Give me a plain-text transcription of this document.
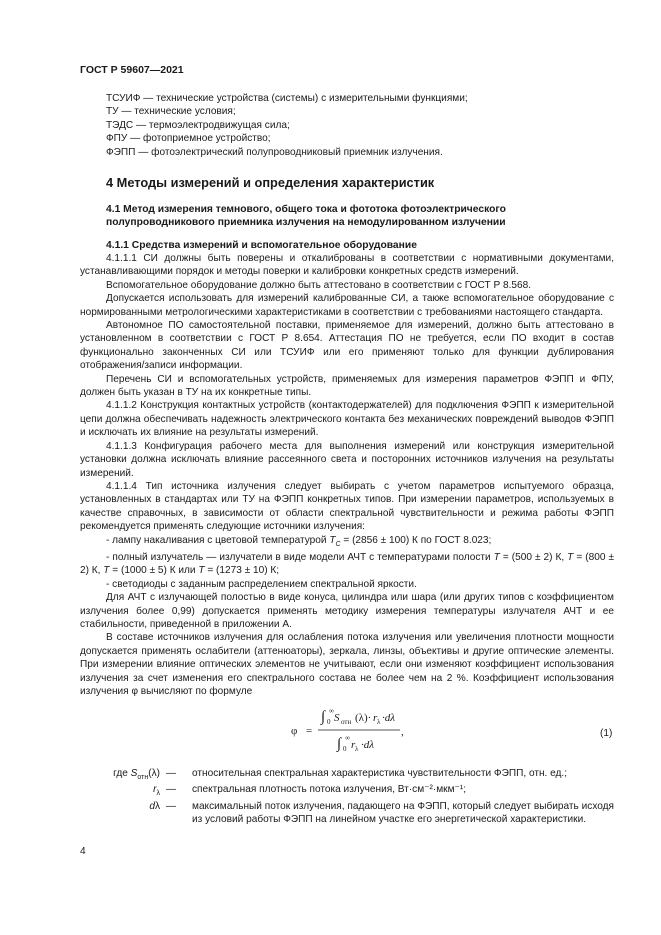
ГОСТ Р 59607—2021
ТСУИФ — технические устройства (системы) с измерительными функциями;
ТУ — технические условия;
ТЭДС — термоэлектродвижущая сила;
ФПУ — фотоприемное устройство;
ФЭПП — фотоэлектрический полупроводниковый приемник излучения.
4 Методы измерений и определения характеристик
4.1 Метод измерения темнового, общего тока и фототока фотоэлектрического полупроводникового приемника излучения на немодулированном излучении
4.1.1 Средства измерений и вспомогательное оборудование

4.1.1.1 СИ должны быть поверены и откалиброваны в соответствии с нормативными документами, устанавливающими порядок и методы поверки и калибровки конкретных средств измерений.

Вспомогательное оборудование должно быть аттестовано в соответствии с ГОСТ Р 8.568.

Допускается использовать для измерений калиброванные СИ, а также вспомогательное оборудование с нормированными метрологическими характеристиками в соответствии с требованиями настоящего стандарта.

Автономное ПО самостоятельной поставки, применяемое для измерений, должно быть аттестовано в установленном в соответствии с ГОСТ Р 8.654. Аттестация ПО не требуется, если ПО входит в состав функционально законченных СИ или ТСУИФ или его применяют только для функции дублирования отображения/записи информации.

Перечень СИ и вспомогательных устройств, применяемых для измерения параметров ФЭПП и ФПУ, должен быть указан в ТУ на их конкретные типы.

4.1.1.2 Конструкция контактных устройств (контактодержателей) для подключения ФЭПП к измерительной цепи должна обеспечивать надежность электрического контакта без механических повреждений выводов ФЭПП и исключать их влияние на результаты измерений.

4.1.1.3 Конфигурация рабочего места для выполнения измерений или конструкция измерительной установки должна исключать влияние рассеянного света и посторонних источников излучения на результаты измерений.

4.1.1.4 Тип источника излучения следует выбирать с учетом параметров испытуемого образца, установленных в стандартах или ТУ на ФЭПП конкретных типов. При измерении параметров, используемых в качестве справочных, в зависимости от области спектральной чувствительности и режима работы ФЭПП рекомендуется применять следующие источники излучения:

- лампу накаливания с цветовой температурой $T_C = (2856 \pm 100)$ К по ГОСТ 8.023;

- полный излучатель — излучатели в виде модели АЧТ с температурами полости T = (500 ± 2) К, T = (800 ± 2) К, T = (1000 ± 5) К или T = (1273 ± 10) К;

- светодиоды с заданным распределением спектральной яркости.

Для АЧТ с излучающей полостью в виде конуса, цилиндра или шара (или других типов с коэффициентом излучения более 0,99) допускается применять методику измерения температуры излучателя АЧТ и ее стабильности, приведенной в приложении А.

В составе источников излучения для ослабления потока излучения или увеличения плотности мощности допускается применять ослабители (аттенюаторы), зеркала, линзы, объективы и другие оптические элементы. При измерении влияние оптических элементов не учитывают, если они изменяют коэффициент использования излучения за счет изменения его спектрального состава не более чем на 2 %. Коэффициент использования излучения φ вычисляют по формуле

φ =
∫ ∞
0 S отн (λ)· r λ ·dλ
∫ ∞
0 r λ ·dλ
,	(1)
где $S_{отн}(\lambda)$ — относительная спектральная характеристика чувствительности ФЭПП, отн. ед.;
$r_\lambda$ — спектральная плотность потока излучения, Вт·см⁻²·мкм⁻¹;
dλ — максимальный поток излучения, падающего на ФЭПП, который следует выбирать исходя из условий работы ФЭПП на линейном участке его энергетической характеристики.
4
